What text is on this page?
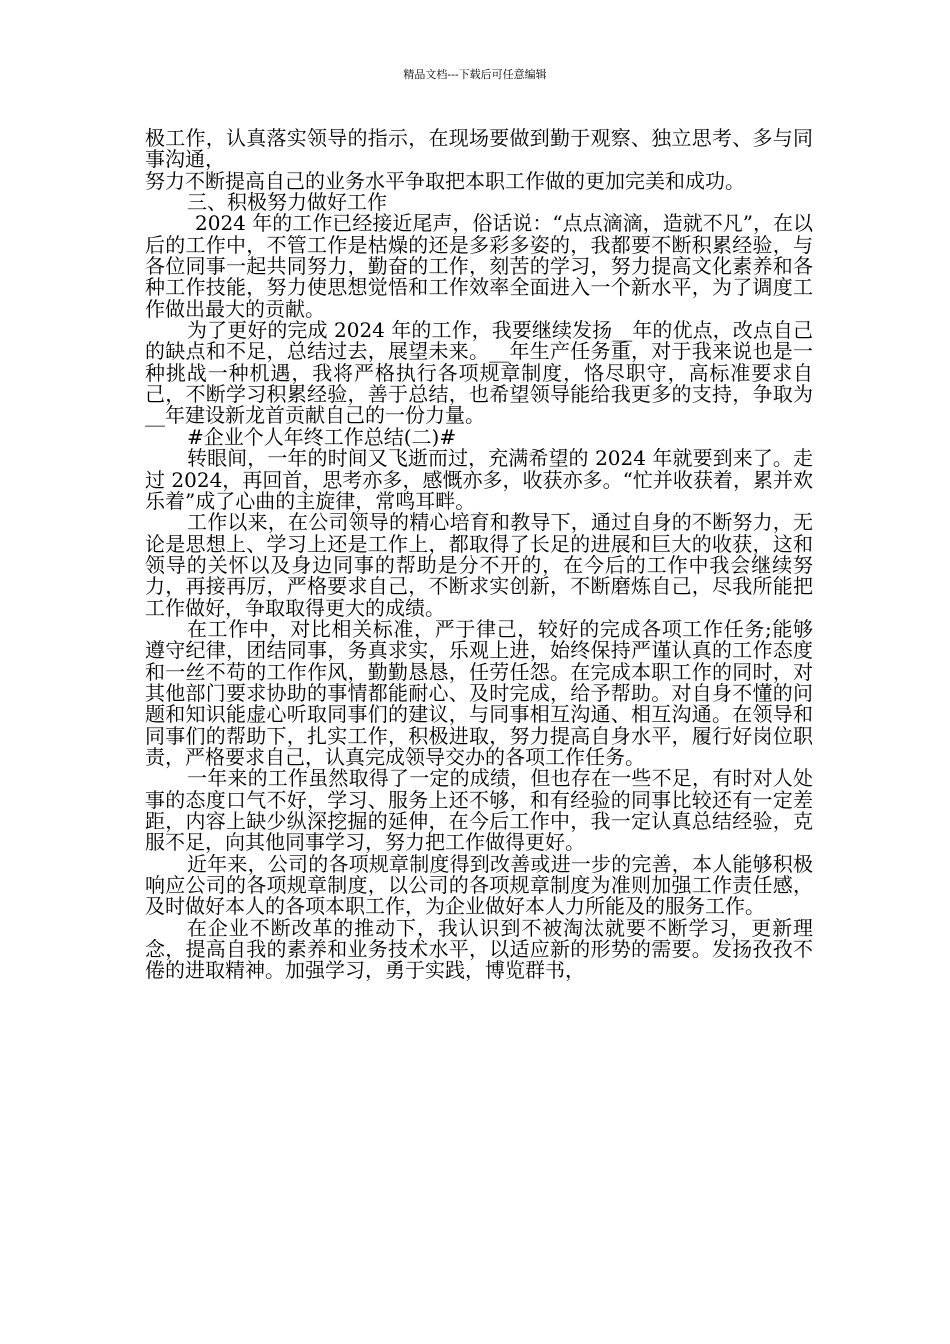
精品文档---下载后可任意编辑

极工作，认真落实领导的指示，在现场要做到勤于观察、独立思考、多与同事沟通，

努力不断提高自己的业务水平争取把本职工作做的更加完美和成功。

三、积极努力做好工作

2024 年的工作已经接近尾声，俗话说：“点点滴滴，造就不凡”，在以后的工作中，不管工作是枯燥的还是多彩多姿的，我都要不断积累经验，与各位同事一起共同努力，勤奋的工作，刻苦的学习，努力提高文化素养和各种工作技能，努力使思想觉悟和工作效率全面进入一个新水平，为了调度工作做出最大的贡献。

为了更好的完成 2024 年的工作，我要继续发扬__年的优点，改点自己的缺点和不足，总结过去，展望未来。__年生产任务重，对于我来说也是一种挑战一种机遇，我将严格执行各项规章制度，恪尽职守，高标准要求自己，不断学习积累经验，善于总结，也希望领导能给我更多的支持，争取为__年建设新龙首贡献自己的一份力量。

#企业个人年终工作总结(二)#

转眼间，一年的时间又飞逝而过，充满希望的 2024 年就要到来了。走过 2024，再回首，思考亦多，感慨亦多，收获亦多。“忙并收获着，累并欢乐着”成了心曲的主旋律，常鸣耳畔。

工作以来，在公司领导的精心培育和教导下，通过自身的不断努力，无论是思想上、学习上还是工作上，都取得了长足的进展和巨大的收获，这和领导的关怀以及身边同事的帮助是分不开的，在今后的工作中我会继续努力，再接再厉，严格要求自己，不断求实创新，不断磨炼自己，尽我所能把工作做好，争取取得更大的成绩。

在工作中，对比相关标准，严于律己，较好的完成各项工作任务;能够遵守纪律，团结同事，务真求实，乐观上进，始终保持严谨认真的工作态度和一丝不苟的工作作风，勤勤恳恳，任劳任怨。在完成本职工作的同时，对其他部门要求协助的事情都能耐心、及时完成，给予帮助。对自身不懂的问题和知识能虚心听取同事们的建议，与同事相互沟通、相互沟通。在领导和同事们的帮助下，扎实工作，积极进取，努力提高自身水平，履行好岗位职责，严格要求自己，认真完成领导交办的各项工作任务。

一年来的工作虽然取得了一定的成绩，但也存在一些不足，有时对人处事的态度口气不好，学习、服务上还不够，和有经验的同事比较还有一定差距，内容上缺少纵深挖掘的延伸，在今后工作中，我一定认真总结经验，克服不足，向其他同事学习，努力把工作做得更好。

近年来，公司的各项规章制度得到改善或进一步的完善，本人能够积极响应公司的各项规章制度，以公司的各项规章制度为准则加强工作责任感，及时做好本人的各项本职工作，为企业做好本人力所能及的服务工作。

在企业不断改革的推动下，我认识到不被淘汰就要不断学习，更新理念，提高自我的素养和业务技术水平，以适应新的形势的需要。发扬孜孜不倦的进取精神。加强学习，勇于实践，博览群书，
